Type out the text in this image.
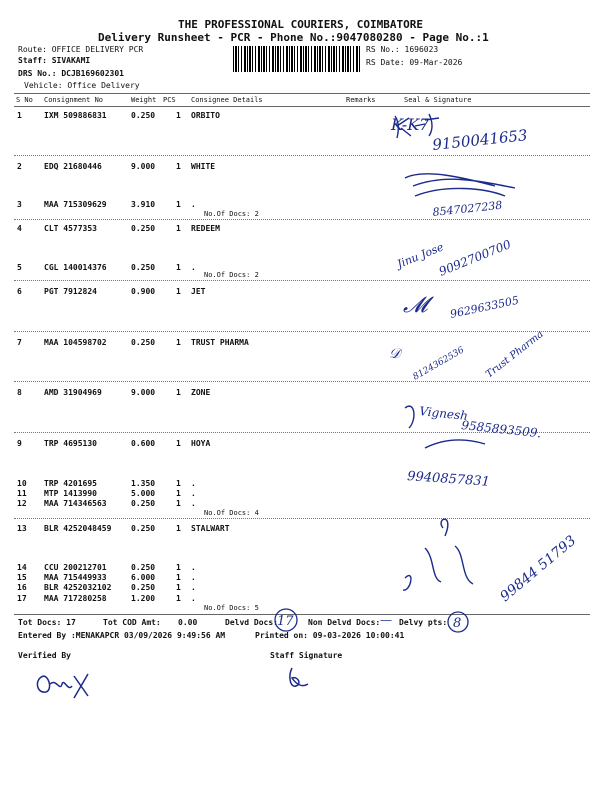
THE PROFESSIONAL COURIERS, COIMBATORE
Delivery Runsheet - PCR - Phone No.:9047080280 - Page No.:1
Route: OFFICE DELIVERY PCR
Staff: SIVAKAMI
DRS No.: DCJB169602301
Vehicle: Office Delivery
RS No.: 1696023
RS Date: 09-Mar-2026
S No Consignment No	Weight PCS Consignee Details	Remarks	Seal & Signature
1	IXM 509886831	0.250	1 ORBITO
2	EDQ 21680446	9.000	1 WHITE
3	MAA 715309629	3.910	1 .
4	CLT 4577353	0.250	1 REDEEM
5	CGL 140014376	0.250	1 .
6	PGT 7912824	0.900	1 JET
7	MAA 104598702	0.250	1 TRUST PHARMA
8	AMD 31904969	9.000	1 ZONE
9	TRP 4695130	0.600	1 HOYA
10 TRP 4201695	1.350	1 .
11 MTP 1413990	5.000	1 .
12 MAA 714346563	0.250	1 .
13 BLR 4252048459 0.250	1 STALWART
14 CCU 200212701	0.250	1 .
15 MAA 715449933	6.000	1 .
16 BLR 4252032102 0.250	1 .
17 MAA 717280258	1.200	1 .
No.Of Docs: 2
No.Of Docs: 2
No.Of Docs: 4
No.Of Docs: 5
K-K7
9150041653
8547027238
Jinu Jose
9092700700
𝓜	9629633505
𝒟	8124362536 Trust Pharma
Vignesh
9585893509.
9940857831
99844 51793
Tot Docs: 17	Tot COD Amt: 0.00	Delvd Docs:	Non Delvd Docs: Delvy pts:
17	—	8
Entered By :MENAKAPCR 03/09/2026 9:49:56 AM	Printed on: 09-03-2026 10:00:41
Verified By	Staff Signature
